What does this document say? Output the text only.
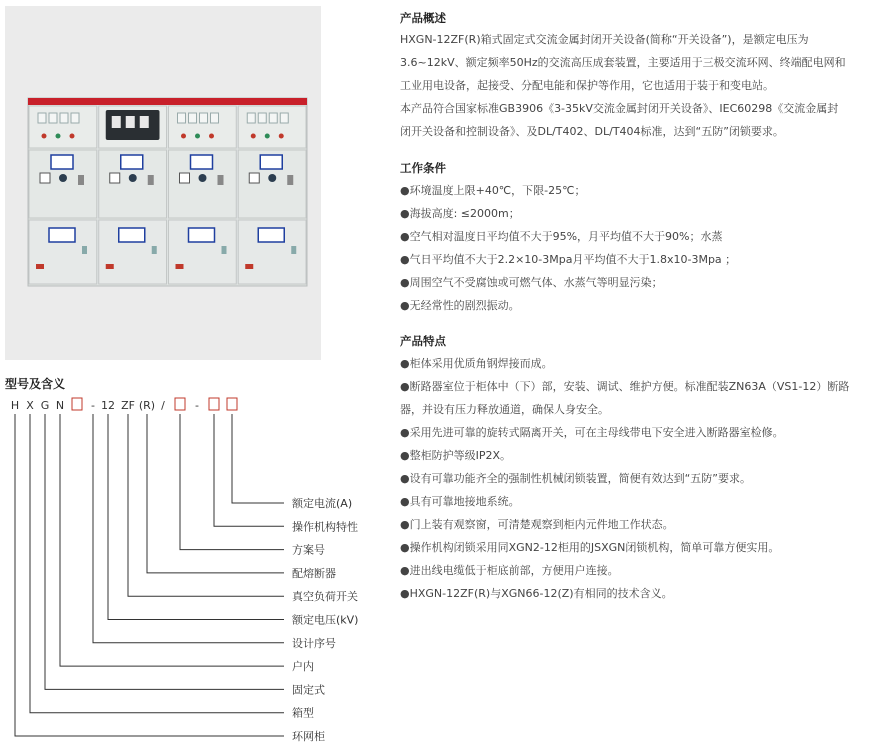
型号及含义
H X G N - 12 ZF (R) /	-
额定电流(A)
操作机构特性
方案号
配熔断器
真空负荷开关
额定电压(kV)
设计序号
户内
固定式
箱型
环网柜
产品概述
HXGN-12ZF(R)箱式固定式交流金属封闭开关设备(简称“开关设备”)，是额定电压为
3.6~12kV、额定频率50Hz的交流高压成套装置，主要适用于三极交流环网、终端配电网和
工业用电设备，起接受、分配电能和保护等作用，它也适用于装于和变电站。
本产品符合国家标准GB3906《3-35kV交流金属封闭开关设备》、IEC60298《交流金属封
闭开关设备和控制设备》、及DL/T402、DL/T404标准，达到“五防”闭锁要求。
工作条件
●环境温度上限+40℃，下限-25℃；
●海拔高度: ≤2000m；
●空气相对温度日平均值不大于95%，月平均值不大于90%；水蒸
●气日平均值不大于2.2×10-3Mpa月平均值不大于1.8x10-3Mpa ；
●周围空气不受腐蚀或可燃气体、水蒸气等明显污染；
●无经常性的剧烈振动。
产品特点
●柜体采用优质角钢焊接而成。
●断路器室位于柜体中（下）部，安装、调试、维护方便。标准配装ZN63A（VS1-12）断路
器，并设有压力释放通道，确保人身安全。
●采用先进可靠的旋转式隔离开关，可在主母线带电下安全进入断路器室检修。
●整柜防护等级IP2X。
●设有可靠功能齐全的强制性机械闭锁装置，简便有效达到“五防”要求。
●具有可靠地接地系统。
●门上装有观察窗，可清楚观察到柜内元件地工作状态。
●操作机构闭锁采用同XGN2-12柜用的JSXGN闭锁机构，简单可靠方便实用。
●进出线电缆低于柜底前部，方便用户连接。
●HXGN-12ZF(R)与XGN66-12(Z)有相同的技术含义。
